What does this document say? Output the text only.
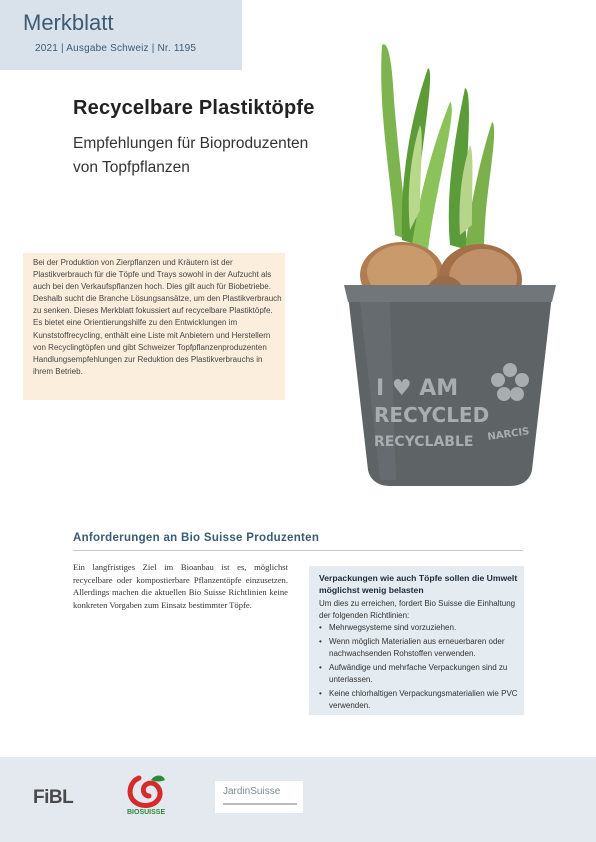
Merkblatt
2021 | Ausgabe Schweiz | Nr. 1195
Recycelbare Plastiktöpfe
Empfehlungen für Bioproduzenten
von Topfpflanzen
Bei der Produktion von Zierpflanzen und Kräutern ist der Plastikverbrauch für die Töpfe und Trays sowohl in der Aufzucht als auch bei den Verkaufspflanzen hoch. Dies gilt auch für Biobetriebe. Deshalb sucht die Branche Lösungsansätze, um den Plastikverbrauch zu senken. Dieses Merkblatt fokussiert auf recycelbare Plastiktöpfe. Es bietet eine Orientierungshilfe zu den Entwicklungen im Kunststoffrecycling, enthält eine Liste mit Anbietern und Herstellern von Recyclingtöpfen und gibt Schweizer Topfpflanzenproduzenten Handlungsempfehlungen zur Reduktion des Plastikverbrauchs in ihrem Betrieb.
I ♥ AM
RECYCLED
RECYCLABLE NARCIS
Anforderungen an Bio Suisse Produzenten
Ein langfristiges Ziel im Bioanbau ist es, möglichst recycelbare oder kompostierbare Pflanzentöpfe einzusetzen. Allerdings machen die aktuellen Bio Suisse Richtlinien keine konkreten Vorgaben zum Einsatz bestimmter Töpfe.
Verpackungen wie auch Töpfe sollen die Umwelt möglichst wenig belasten
Um dies zu erreichen, fordert Bio Suisse die Einhaltung der folgenden Richtlinien:
• Mehrwegsysteme sind vorzuziehen.
• Wenn möglich Materialien aus erneuerbaren oder nachwachsenden Rohstoffen verwenden.
• Aufwändige und mehrfache Verpackungen sind zu unterlassen.
• Keine chlorhaltigen Verpackungsmaterialien wie PVC verwenden.
FiBL
BIOSUISSE
JardinSuisse
